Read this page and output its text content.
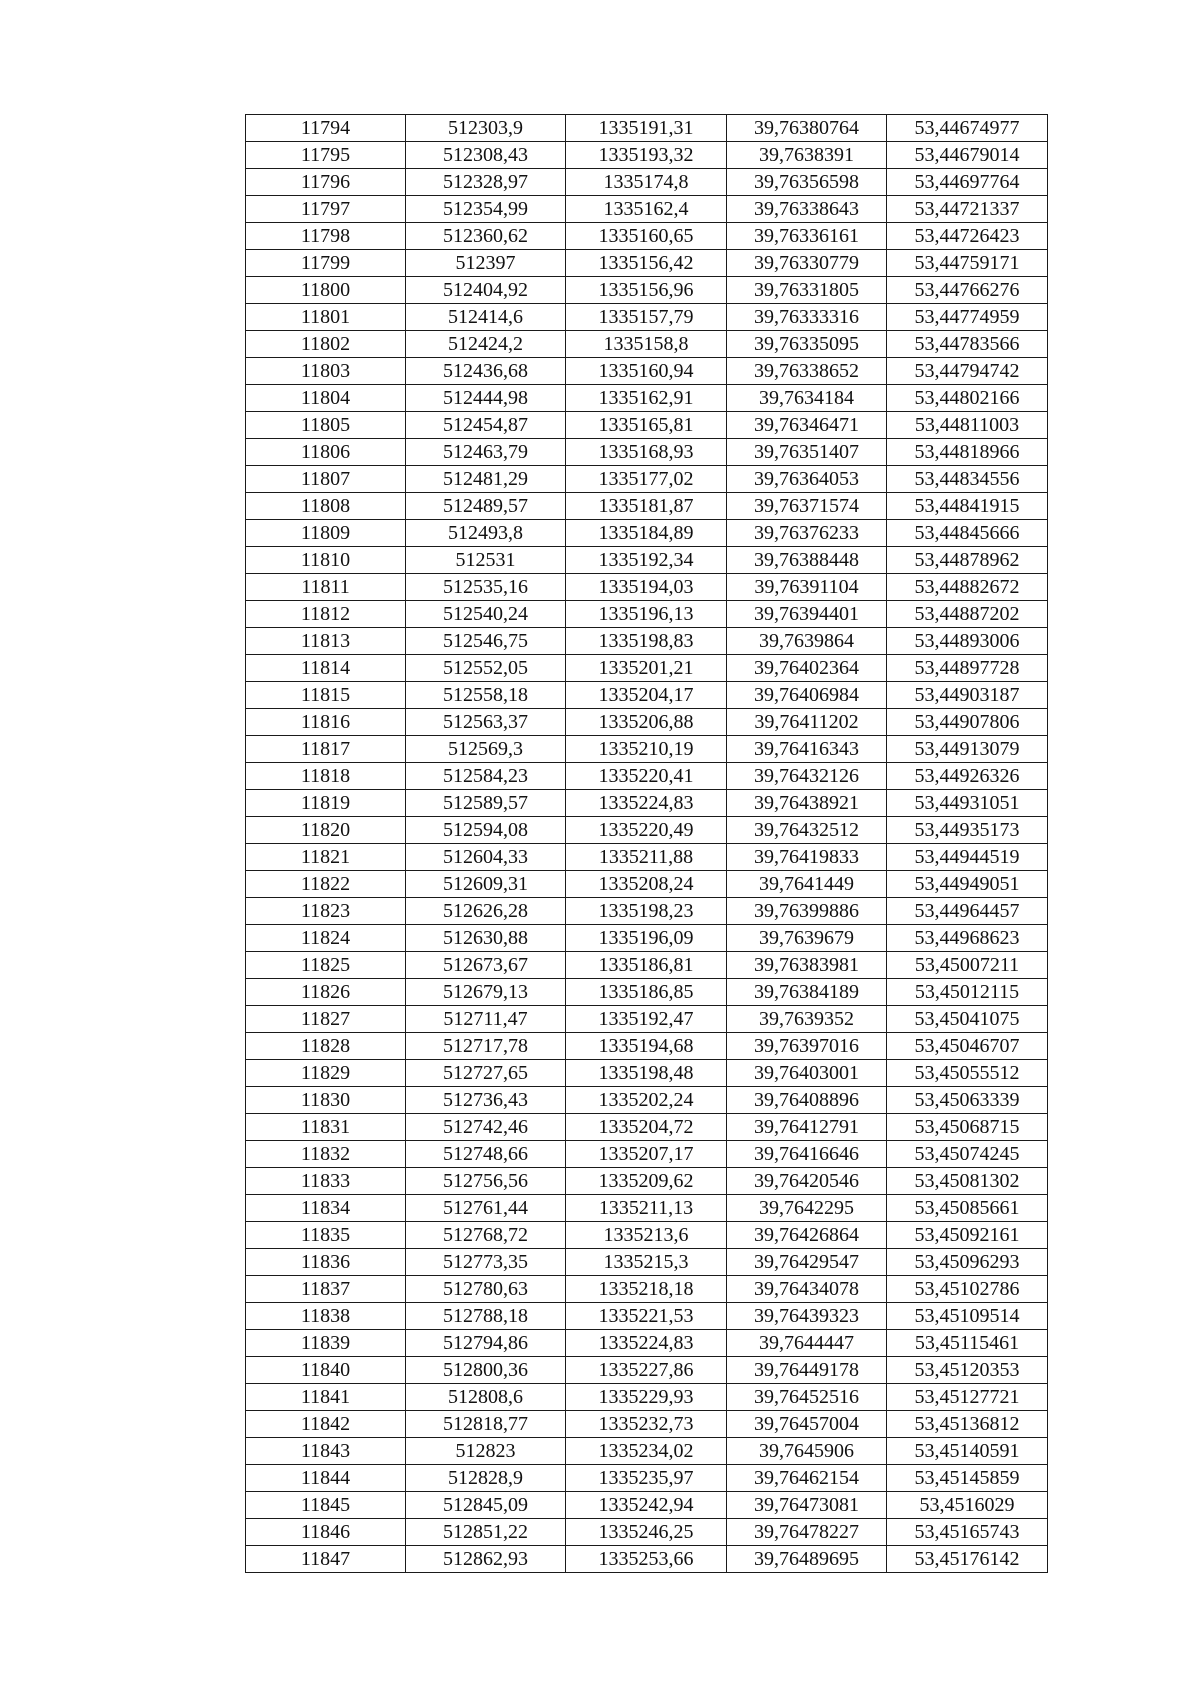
11794	512303,9	1335191,31	39,76380764	53,44674977
11795	512308,43	1335193,32	39,7638391	53,44679014
11796	512328,97	1335174,8	39,76356598	53,44697764
11797	512354,99	1335162,4	39,76338643	53,44721337
11798	512360,62	1335160,65	39,76336161	53,44726423
11799	512397	1335156,42	39,76330779	53,44759171
11800	512404,92	1335156,96	39,76331805	53,44766276
11801	512414,6	1335157,79	39,76333316	53,44774959
11802	512424,2	1335158,8	39,76335095	53,44783566
11803	512436,68	1335160,94	39,76338652	53,44794742
11804	512444,98	1335162,91	39,7634184	53,44802166
11805	512454,87	1335165,81	39,76346471	53,44811003
11806	512463,79	1335168,93	39,76351407	53,44818966
11807	512481,29	1335177,02	39,76364053	53,44834556
11808	512489,57	1335181,87	39,76371574	53,44841915
11809	512493,8	1335184,89	39,76376233	53,44845666
11810	512531	1335192,34	39,76388448	53,44878962
11811	512535,16	1335194,03	39,76391104	53,44882672
11812	512540,24	1335196,13	39,76394401	53,44887202
11813	512546,75	1335198,83	39,7639864	53,44893006
11814	512552,05	1335201,21	39,76402364	53,44897728
11815	512558,18	1335204,17	39,76406984	53,44903187
11816	512563,37	1335206,88	39,76411202	53,44907806
11817	512569,3	1335210,19	39,76416343	53,44913079
11818	512584,23	1335220,41	39,76432126	53,44926326
11819	512589,57	1335224,83	39,76438921	53,44931051
11820	512594,08	1335220,49	39,76432512	53,44935173
11821	512604,33	1335211,88	39,76419833	53,44944519
11822	512609,31	1335208,24	39,7641449	53,44949051
11823	512626,28	1335198,23	39,76399886	53,44964457
11824	512630,88	1335196,09	39,7639679	53,44968623
11825	512673,67	1335186,81	39,76383981	53,45007211
11826	512679,13	1335186,85	39,76384189	53,45012115
11827	512711,47	1335192,47	39,7639352	53,45041075
11828	512717,78	1335194,68	39,76397016	53,45046707
11829	512727,65	1335198,48	39,76403001	53,45055512
11830	512736,43	1335202,24	39,76408896	53,45063339
11831	512742,46	1335204,72	39,76412791	53,45068715
11832	512748,66	1335207,17	39,76416646	53,45074245
11833	512756,56	1335209,62	39,76420546	53,45081302
11834	512761,44	1335211,13	39,7642295	53,45085661
11835	512768,72	1335213,6	39,76426864	53,45092161
11836	512773,35	1335215,3	39,76429547	53,45096293
11837	512780,63	1335218,18	39,76434078	53,45102786
11838	512788,18	1335221,53	39,76439323	53,45109514
11839	512794,86	1335224,83	39,7644447	53,45115461
11840	512800,36	1335227,86	39,76449178	53,45120353
11841	512808,6	1335229,93	39,76452516	53,45127721
11842	512818,77	1335232,73	39,76457004	53,45136812
11843	512823	1335234,02	39,7645906	53,45140591
11844	512828,9	1335235,97	39,76462154	53,45145859
11845	512845,09	1335242,94	39,76473081	53,4516029
11846	512851,22	1335246,25	39,76478227	53,45165743
11847	512862,93	1335253,66	39,76489695	53,45176142
